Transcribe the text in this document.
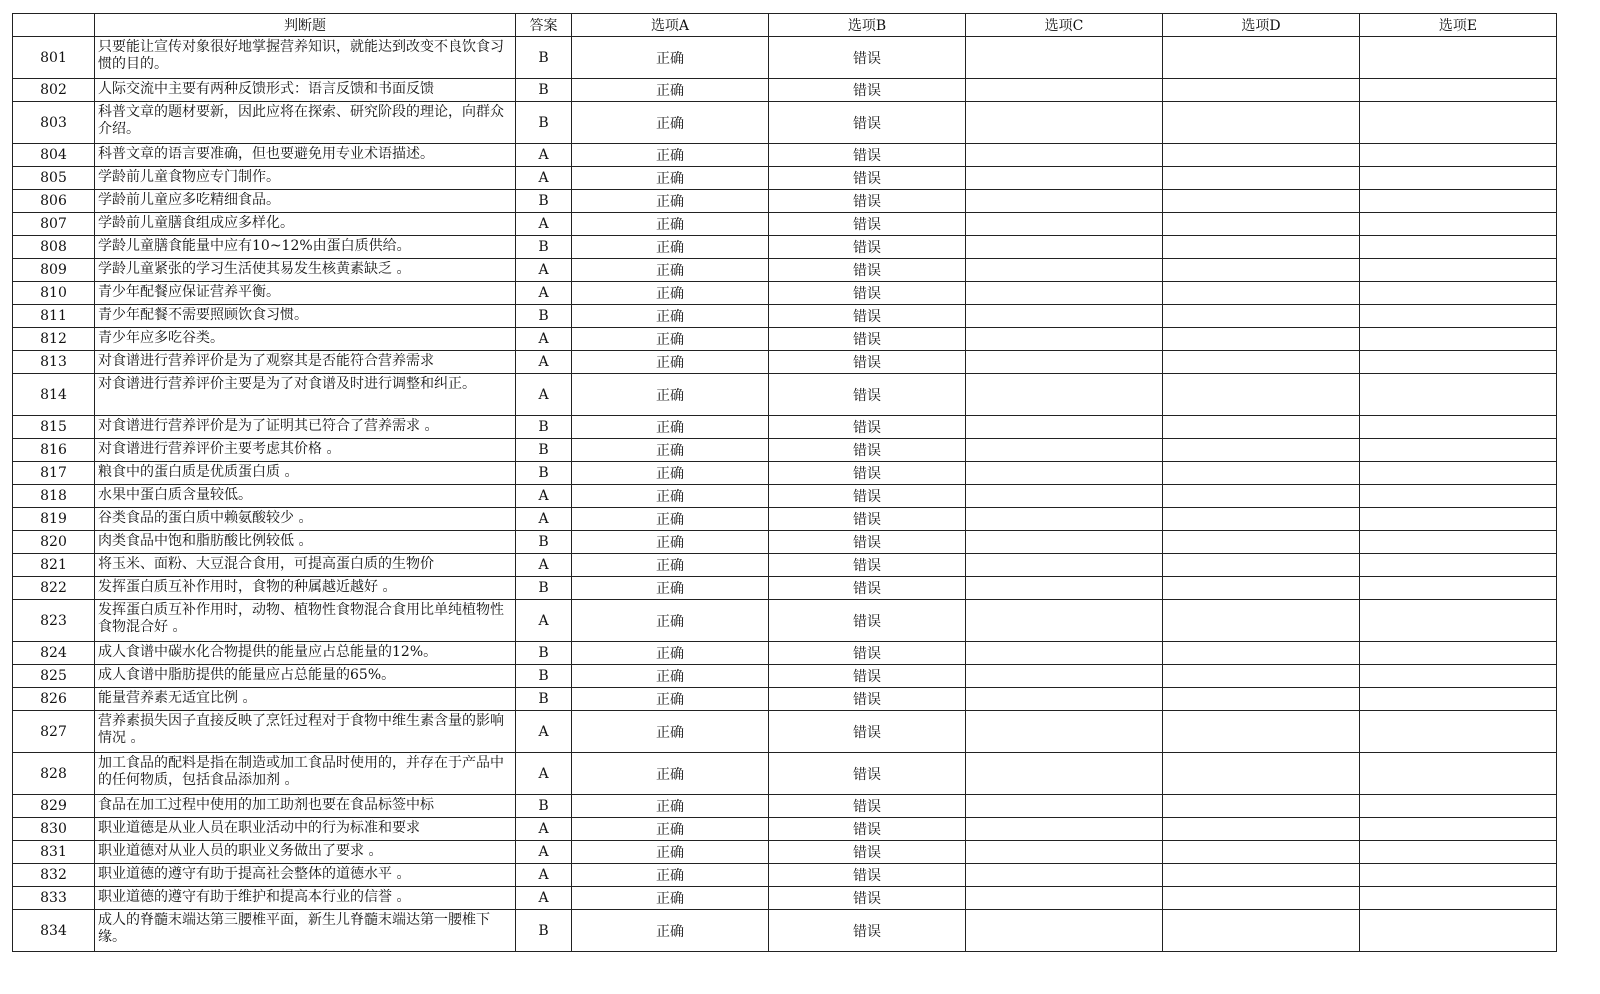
	判断题	答案	选项A	选项B	选项C	选项D	选项E
801	只要能让宣传对象很好地掌握营养知识，就能达到改变不良饮食习惯的目的。	B	正确	错误			
802	人际交流中主要有两种反馈形式：语言反馈和书面反馈	B	正确	错误			
803	科普文章的题材要新，因此应将在探索、研究阶段的理论，向群众介绍。	B	正确	错误			
804	科普文章的语言要准确，但也要避免用专业术语描述。	A	正确	错误			
805	学龄前儿童食物应专门制作。	A	正确	错误			
806	学龄前儿童应多吃精细食品。	B	正确	错误			
807	学龄前儿童膳食组成应多样化。	A	正确	错误			
808	学龄儿童膳食能量中应有10~12%由蛋白质供给。	B	正确	错误			
809	学龄儿童紧张的学习生活使其易发生核黄素缺乏 。	A	正确	错误			
810	青少年配餐应保证营养平衡。	A	正确	错误			
811	青少年配餐不需要照顾饮食习惯。	B	正确	错误			
812	青少年应多吃谷类。	A	正确	错误			
813	对食谱进行营养评价是为了观察其是否能符合营养需求	A	正确	错误			
814	对食谱进行营养评价主要是为了对食谱及时进行调整和纠正。	A	正确	错误			
815	对食谱进行营养评价是为了证明其已符合了营养需求 。	B	正确	错误			
816	对食谱进行营养评价主要考虑其价格 。	B	正确	错误			
817	粮食中的蛋白质是优质蛋白质 。	B	正确	错误			
818	水果中蛋白质含量较低。	A	正确	错误			
819	谷类食品的蛋白质中赖氨酸较少 。	A	正确	错误			
820	肉类食品中饱和脂肪酸比例较低 。	B	正确	错误			
821	将玉米、面粉、大豆混合食用，可提高蛋白质的生物价	A	正确	错误			
822	发挥蛋白质互补作用时，食物的种属越近越好 。	B	正确	错误			
823	发挥蛋白质互补作用时，动物、植物性食物混合食用比单纯植物性食物混合好 。	A	正确	错误			
824	成人食谱中碳水化合物提供的能量应占总能量的12%。	B	正确	错误			
825	成人食谱中脂肪提供的能量应占总能量的65%。	B	正确	错误			
826	能量营养素无适宜比例 。	B	正确	错误			
827	营养素损失因子直接反映了烹饪过程对于食物中维生素含量的影响情况 。	A	正确	错误			
828	加工食品的配料是指在制造或加工食品时使用的，并存在于产品中的任何物质，包括食品添加剂 。	A	正确	错误			
829	食品在加工过程中使用的加工助剂也要在食品标签中标	B	正确	错误			
830	职业道德是从业人员在职业活动中的行为标准和要求	A	正确	错误			
831	职业道德对从业人员的职业义务做出了要求 。	A	正确	错误			
832	职业道德的遵守有助于提高社会整体的道德水平 。	A	正确	错误			
833	职业道德的遵守有助于维护和提高本行业的信誉 。	A	正确	错误			
834	成人的脊髓末端达第三腰椎平面，新生儿脊髓末端达第一腰椎下缘。	B	正确	错误			
